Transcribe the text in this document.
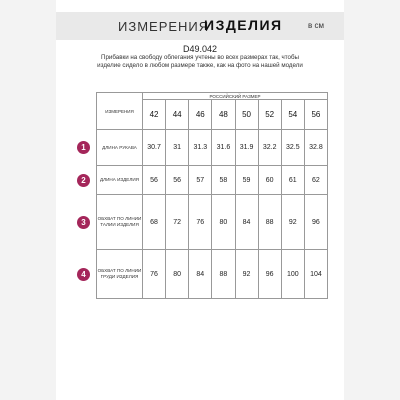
ИЗМЕРЕНИЯ
ИЗДЕЛИЯ	в см
D49.042
Прибавки на свободу облегания учтены во всех размерах так, чтобы изделие сидело в любом размере также, как на фото на нашей модели
ИЗМЕРЕНИЯ	РОССИЙСКИЙ РАЗМЕР							
	42	44	46	48	50	52	54	56
ДЛИНА РУКАВА	30.7	31	31.3	31.6	31.9	32.2	32.5	32.8
ДЛИНА ИЗДЕЛИЯ	56	56	57	58	59	60	61	62
ОБХВАТ ПО ЛИНИИ ТАЛИИ ИЗДЕЛИЯ	68	72	76	80	84	88	92	96
ОБХВАТ ПО ЛИНИИ ГРУДИ ИЗДЕЛИЯ	76	80	84	88	92	96	100	104
1
2
3
4
